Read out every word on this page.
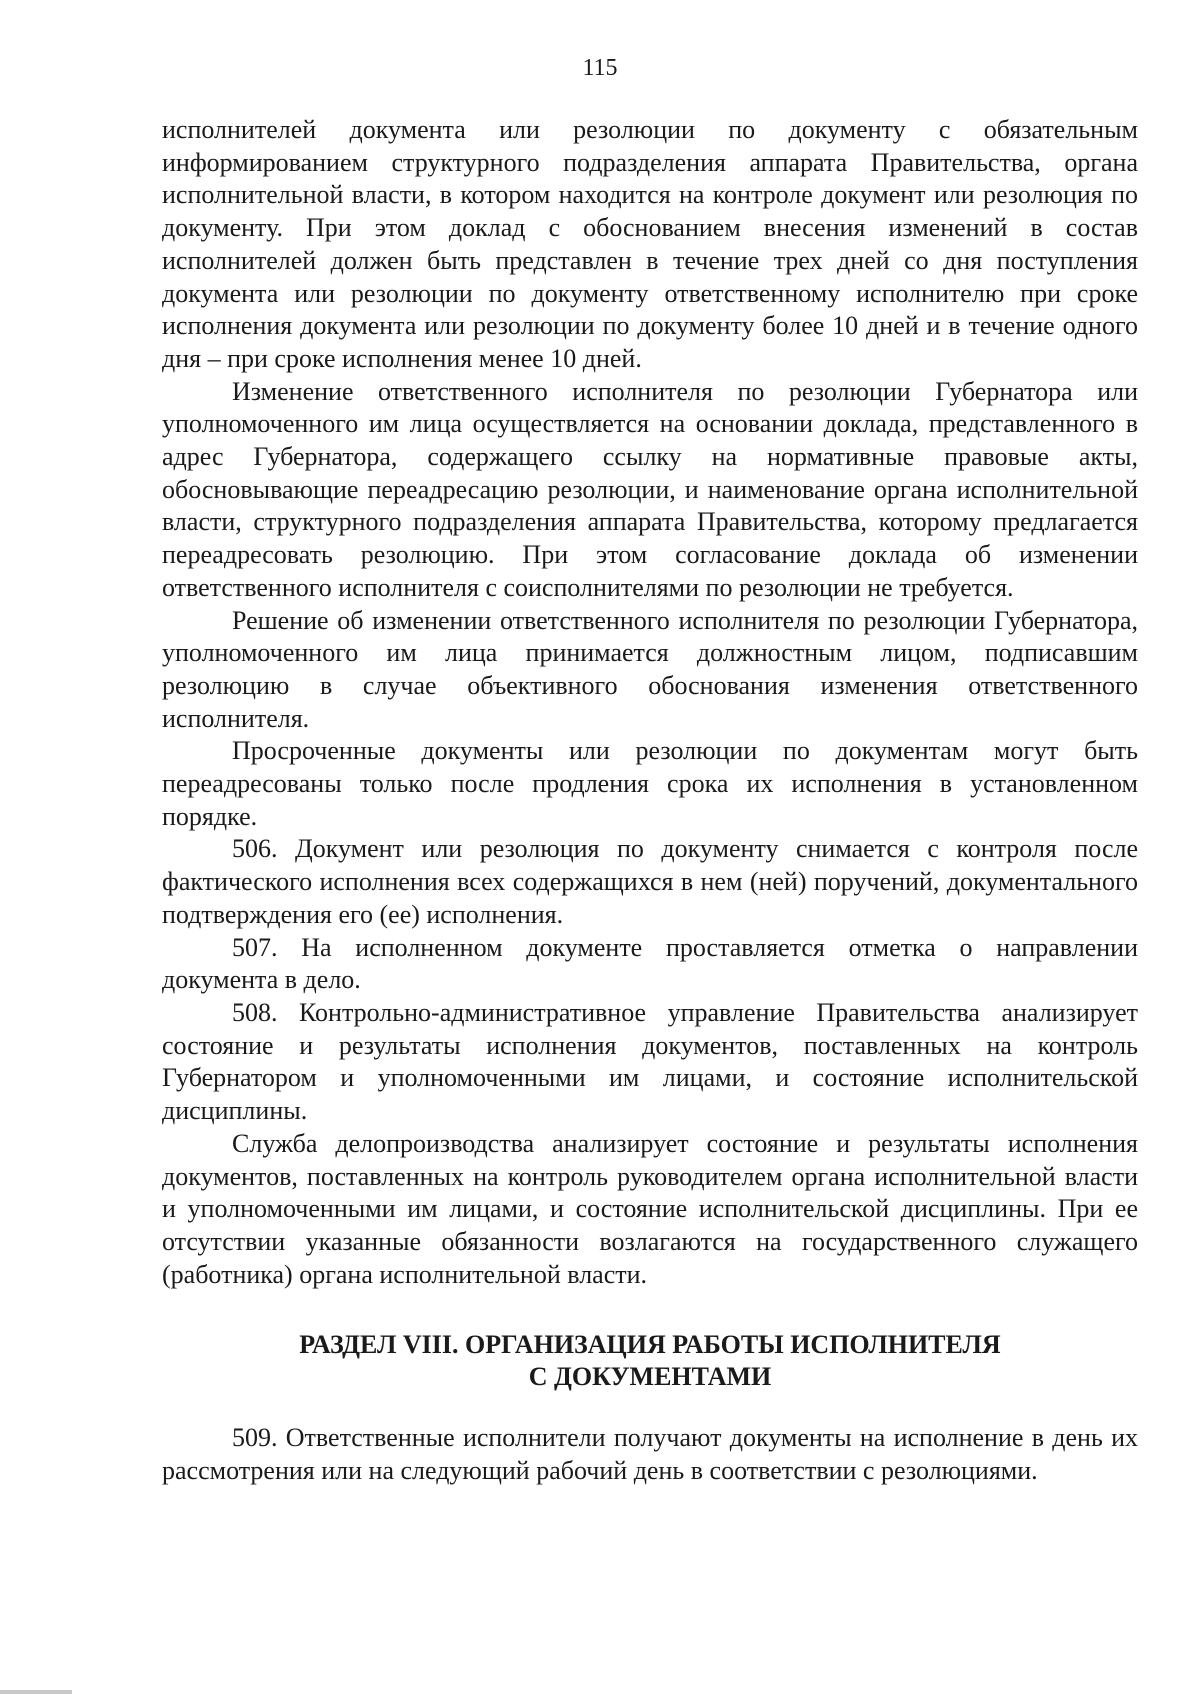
115

исполнителей документа или резолюции по документу с обязательным информированием структурного подразделения аппарата Правительства, органа исполнительной власти, в котором находится на контроле документ или резолюция по документу. При этом доклад с обоснованием внесения изменений в состав исполнителей должен быть представлен в течение трех дней со дня поступления документа или резолюции по документу ответственному исполнителю при сроке исполнения документа или резолюции по документу более 10 дней и в течение одного дня – при сроке исполнения менее 10 дней.

Изменение ответственного исполнителя по резолюции Губернатора или уполномоченного им лица осуществляется на основании доклада, представленного в адрес Губернатора, содержащего ссылку на нормативные правовые акты, обосновывающие переадресацию резолюции, и наименование органа исполнительной власти, структурного подразделения аппарата Правительства, которому предлагается переадресовать резолюцию. При этом согласование доклада об изменении ответственного исполнителя с соисполнителями по резолюции не требуется.

Решение об изменении ответственного исполнителя по резолюции Губернатора, уполномоченного им лица принимается должностным лицом, подписавшим резолюцию в случае объективного обоснования изменения ответственного исполнителя.

Просроченные документы или резолюции по документам могут быть переадресованы только после продления срока их исполнения в установленном порядке.

506. Документ или резолюция по документу снимается с контроля после фактического исполнения всех содержащихся в нем (ней) поручений, документального подтверждения его (ее) исполнения.

507. На исполненном документе проставляется отметка о направлении документа в дело.

508. Контрольно-административное управление Правительства анализирует состояние и результаты исполнения документов, поставленных на контроль Губернатором и уполномоченными им лицами, и состояние исполнительской дисциплины.

Служба делопроизводства анализирует состояние и результаты исполнения документов, поставленных на контроль руководителем органа исполнительной власти и уполномоченными им лицами, и состояние исполнительской дисциплины. При ее отсутствии указанные обязанности возлагаются на государственного служащего (работника) органа исполнительной власти.

РАЗДЕЛ VIII. ОРГАНИЗАЦИЯ РАБОТЫ ИСПОЛНИТЕЛЯ
С ДОКУМЕНТАМИ

509. Ответственные исполнители получают документы на исполнение в день их рассмотрения или на следующий рабочий день в соответствии с резолюциями.
